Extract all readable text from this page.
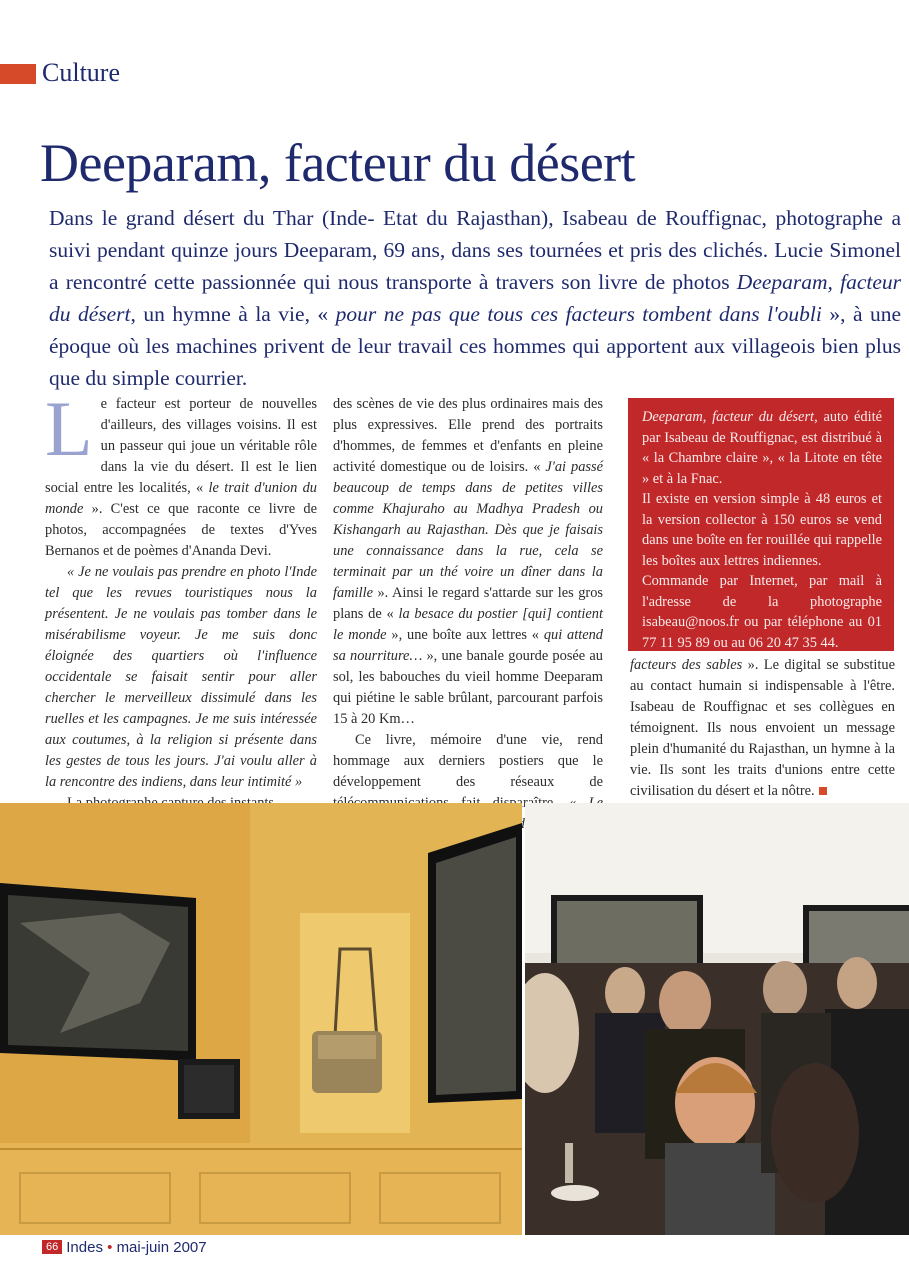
Culture
Deeparam, facteur du désert

Dans le grand désert du Thar (Inde- Etat du Rajasthan), Isabeau de Rouffignac, photographe a suivi pendant quinze jours Deeparam, 69 ans, dans ses tournées et pris des clichés. Lucie Simonel a rencontré cette passionnée qui nous transporte à travers son livre de photos Deeparam, facteur du désert, un hymne à la vie, « pour ne pas que tous ces facteurs tombent dans l'oubli », à une époque où les machines privent de leur travail ces hommes qui apportent aux villageois bien plus que du simple courrier.

Le facteur est porteur de nouvelles d'ailleurs, des villages voisins. Il est un passeur qui joue un véritable rôle dans la vie du désert. Il est le lien social entre les localités, « le trait d'union du monde ». C'est ce que raconte ce livre de photos, accompagnées de textes d'Yves Bernanos et de poèmes d'Ananda Devi.

« Je ne voulais pas prendre en photo l'Inde tel que les revues touristiques nous la présentent. Je ne voulais pas tomber dans le misérabilisme voyeur. Je me suis donc éloignée des quartiers où l'influence occidentale se faisait sentir pour aller chercher le merveilleux dissimulé dans les ruelles et les campagnes. Je me suis intéressée aux coutumes, à la religion si présente dans les gestes de tous les jours. J'ai voulu aller à la rencontre des indiens, dans leur intimité »

des scènes de vie des plus ordinaires mais des plus expressives. Elle prend des portraits d'hommes, de femmes et d'enfants en pleine activité domestique ou de loisirs. « J'ai passé beaucoup de temps dans de petites villes comme Khajuraho au Madhya Pradesh ou Kishangarh au Rajasthan. Dès que je faisais une connaissance dans la rue, cela se terminait par un thé voire un dîner dans la famille ». Ainsi le regard s'attarde sur les gros plans de « la besace du postier [qui] contient le monde », une boîte aux lettres « qui attend sa nourriture… », une banale gourde posée au sol, les babouches du vieil homme Deeparam qui piétine le sable brûlant, parcourant parfois 15 à 20 Km…

Ce livre, mémoire d'une vie, rend hommage aux derniers postiers que le développement des réseaux de

Deeparam, facteur du désert, auto édité par Isabeau de Rouffignac, est distribué à « la Chambre claire », « la Litote en tête » et à la Fnac.

Il existe en version simple à 48 euros et la version collector à 150 euros se vend dans une boîte en fer rouillée qui rappelle les boîtes aux lettres indiennes.

Commande par Internet, par mail à l'adresse de la photographe isabeau@noos.fr ou par téléphone au 01 77 11 95 89 ou au 06 20 47 35 44.

facteurs des sables ». Le digital se substitue au contact humain si indispensable à l'être. Isabeau de Rouffignac et ses collègues en témoignent. Ils nous envoient un message plein d'humanité du Rajasthan, un hymne à la vie. Ils sont les traits d'unions entre cette civilisation du désert et la nôtre.

66 Indes • mai-juin 2007
